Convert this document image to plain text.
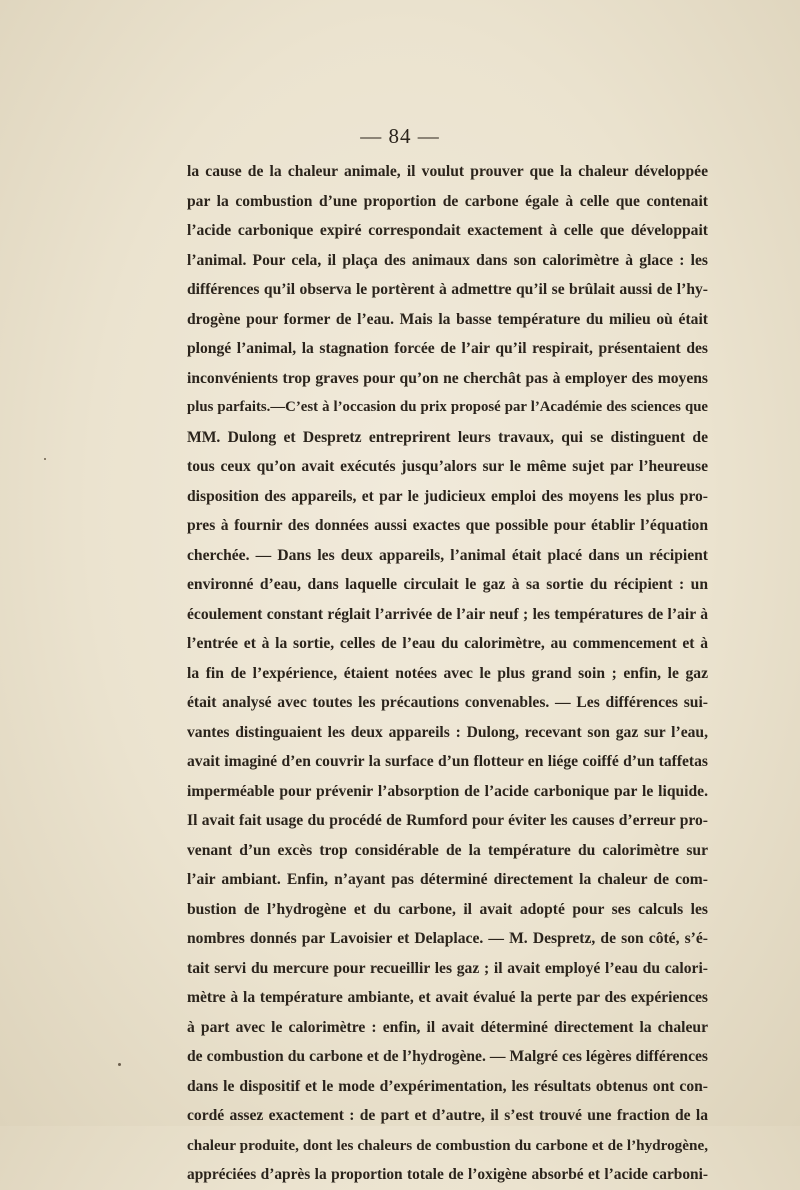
— 84 —
la cause de la chaleur animale, il voulut prouver que la chaleur développée
par la combustion d’une proportion de carbone égale à celle que contenait
l’acide carbonique expiré correspondait exactement à celle que développait
l’animal. Pour cela, il plaça des animaux dans son calorimètre à glace : les
différences qu’il observa le portèrent à admettre qu’il se brûlait aussi de l’hy-
drogène pour former de l’eau. Mais la basse température du milieu où était
plongé l’animal, la stagnation forcée de l’air qu’il respirait, présentaient des
inconvénients trop graves pour qu’on ne cherchât pas à employer des moyens
plus parfaits.—C’est à l’occasion du prix proposé par l’Académie des sciences que
MM. Dulong et Despretz entreprirent leurs travaux, qui se distinguent de
tous ceux qu’on avait exécutés jusqu’alors sur le même sujet par l’heureuse
disposition des appareils, et par le judicieux emploi des moyens les plus pro-
pres à fournir des données aussi exactes que possible pour établir l’équation
cherchée. — Dans les deux appareils, l’animal était placé dans un récipient
environné d’eau, dans laquelle circulait le gaz à sa sortie du récipient : un
écoulement constant réglait l’arrivée de l’air neuf ; les températures de l’air à
l’entrée et à la sortie, celles de l’eau du calorimètre, au commencement et à
la fin de l’expérience, étaient notées avec le plus grand soin ; enfin, le gaz
était analysé avec toutes les précautions convenables. — Les différences sui-
vantes distinguaient les deux appareils : Dulong, recevant son gaz sur l’eau,
avait imaginé d’en couvrir la surface d’un flotteur en liége coiffé d’un taffetas
imperméable pour prévenir l’absorption de l’acide carbonique par le liquide.
Il avait fait usage du procédé de Rumford pour éviter les causes d’erreur pro-
venant d’un excès trop considérable de la température du calorimètre sur
l’air ambiant. Enfin, n’ayant pas déterminé directement la chaleur de com-
bustion de l’hydrogène et du carbone, il avait adopté pour ses calculs les
nombres donnés par Lavoisier et Delaplace. — M. Despretz, de son côté, s’é-
tait servi du mercure pour recueillir les gaz ; il avait employé l’eau du calori-
mètre à la température ambiante, et avait évalué la perte par des expériences
à part avec le calorimètre : enfin, il avait déterminé directement la chaleur
de combustion du carbone et de l’hydrogène. — Malgré ces légères différences
dans le dispositif et le mode d’expérimentation, les résultats obtenus ont con-
cordé assez exactement : de part et d’autre, il s’est trouvé une fraction de la
chaleur produite, dont les chaleurs de combustion du carbone et de l’hydrogène,
appréciées d’après la proportion totale de l’oxigène absorbé et l’acide carboni-
